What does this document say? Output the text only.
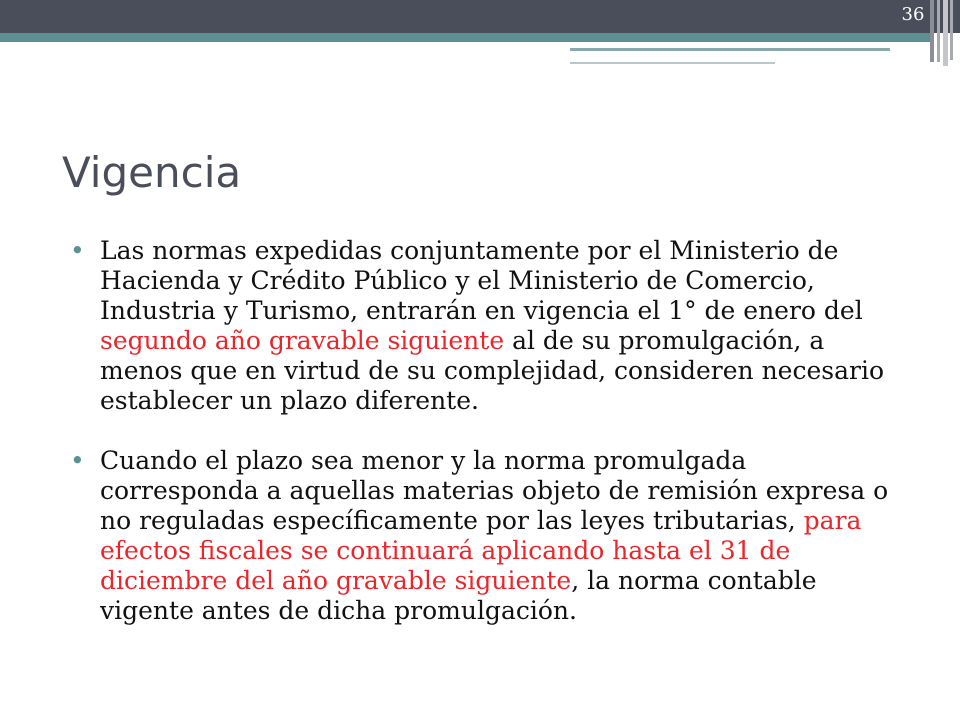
36
Vigencia
• Las normas expedidas conjuntamente por el Ministerio de Hacienda y Crédito Público y el Ministerio de Comercio, Industria y Turismo, entrarán en vigencia el 1° de enero del segundo año gravable siguiente al de su promulgación, a menos que en virtud de su complejidad, consideren necesario establecer un plazo diferente.
• Cuando el plazo sea menor y la norma promulgada corresponda a aquellas materias objeto de remisión expresa o no reguladas específicamente por las leyes tributarias, para efectos fiscales se continuará aplicando hasta el 31 de diciembre del año gravable siguiente, la norma contable vigente antes de dicha promulgación.
